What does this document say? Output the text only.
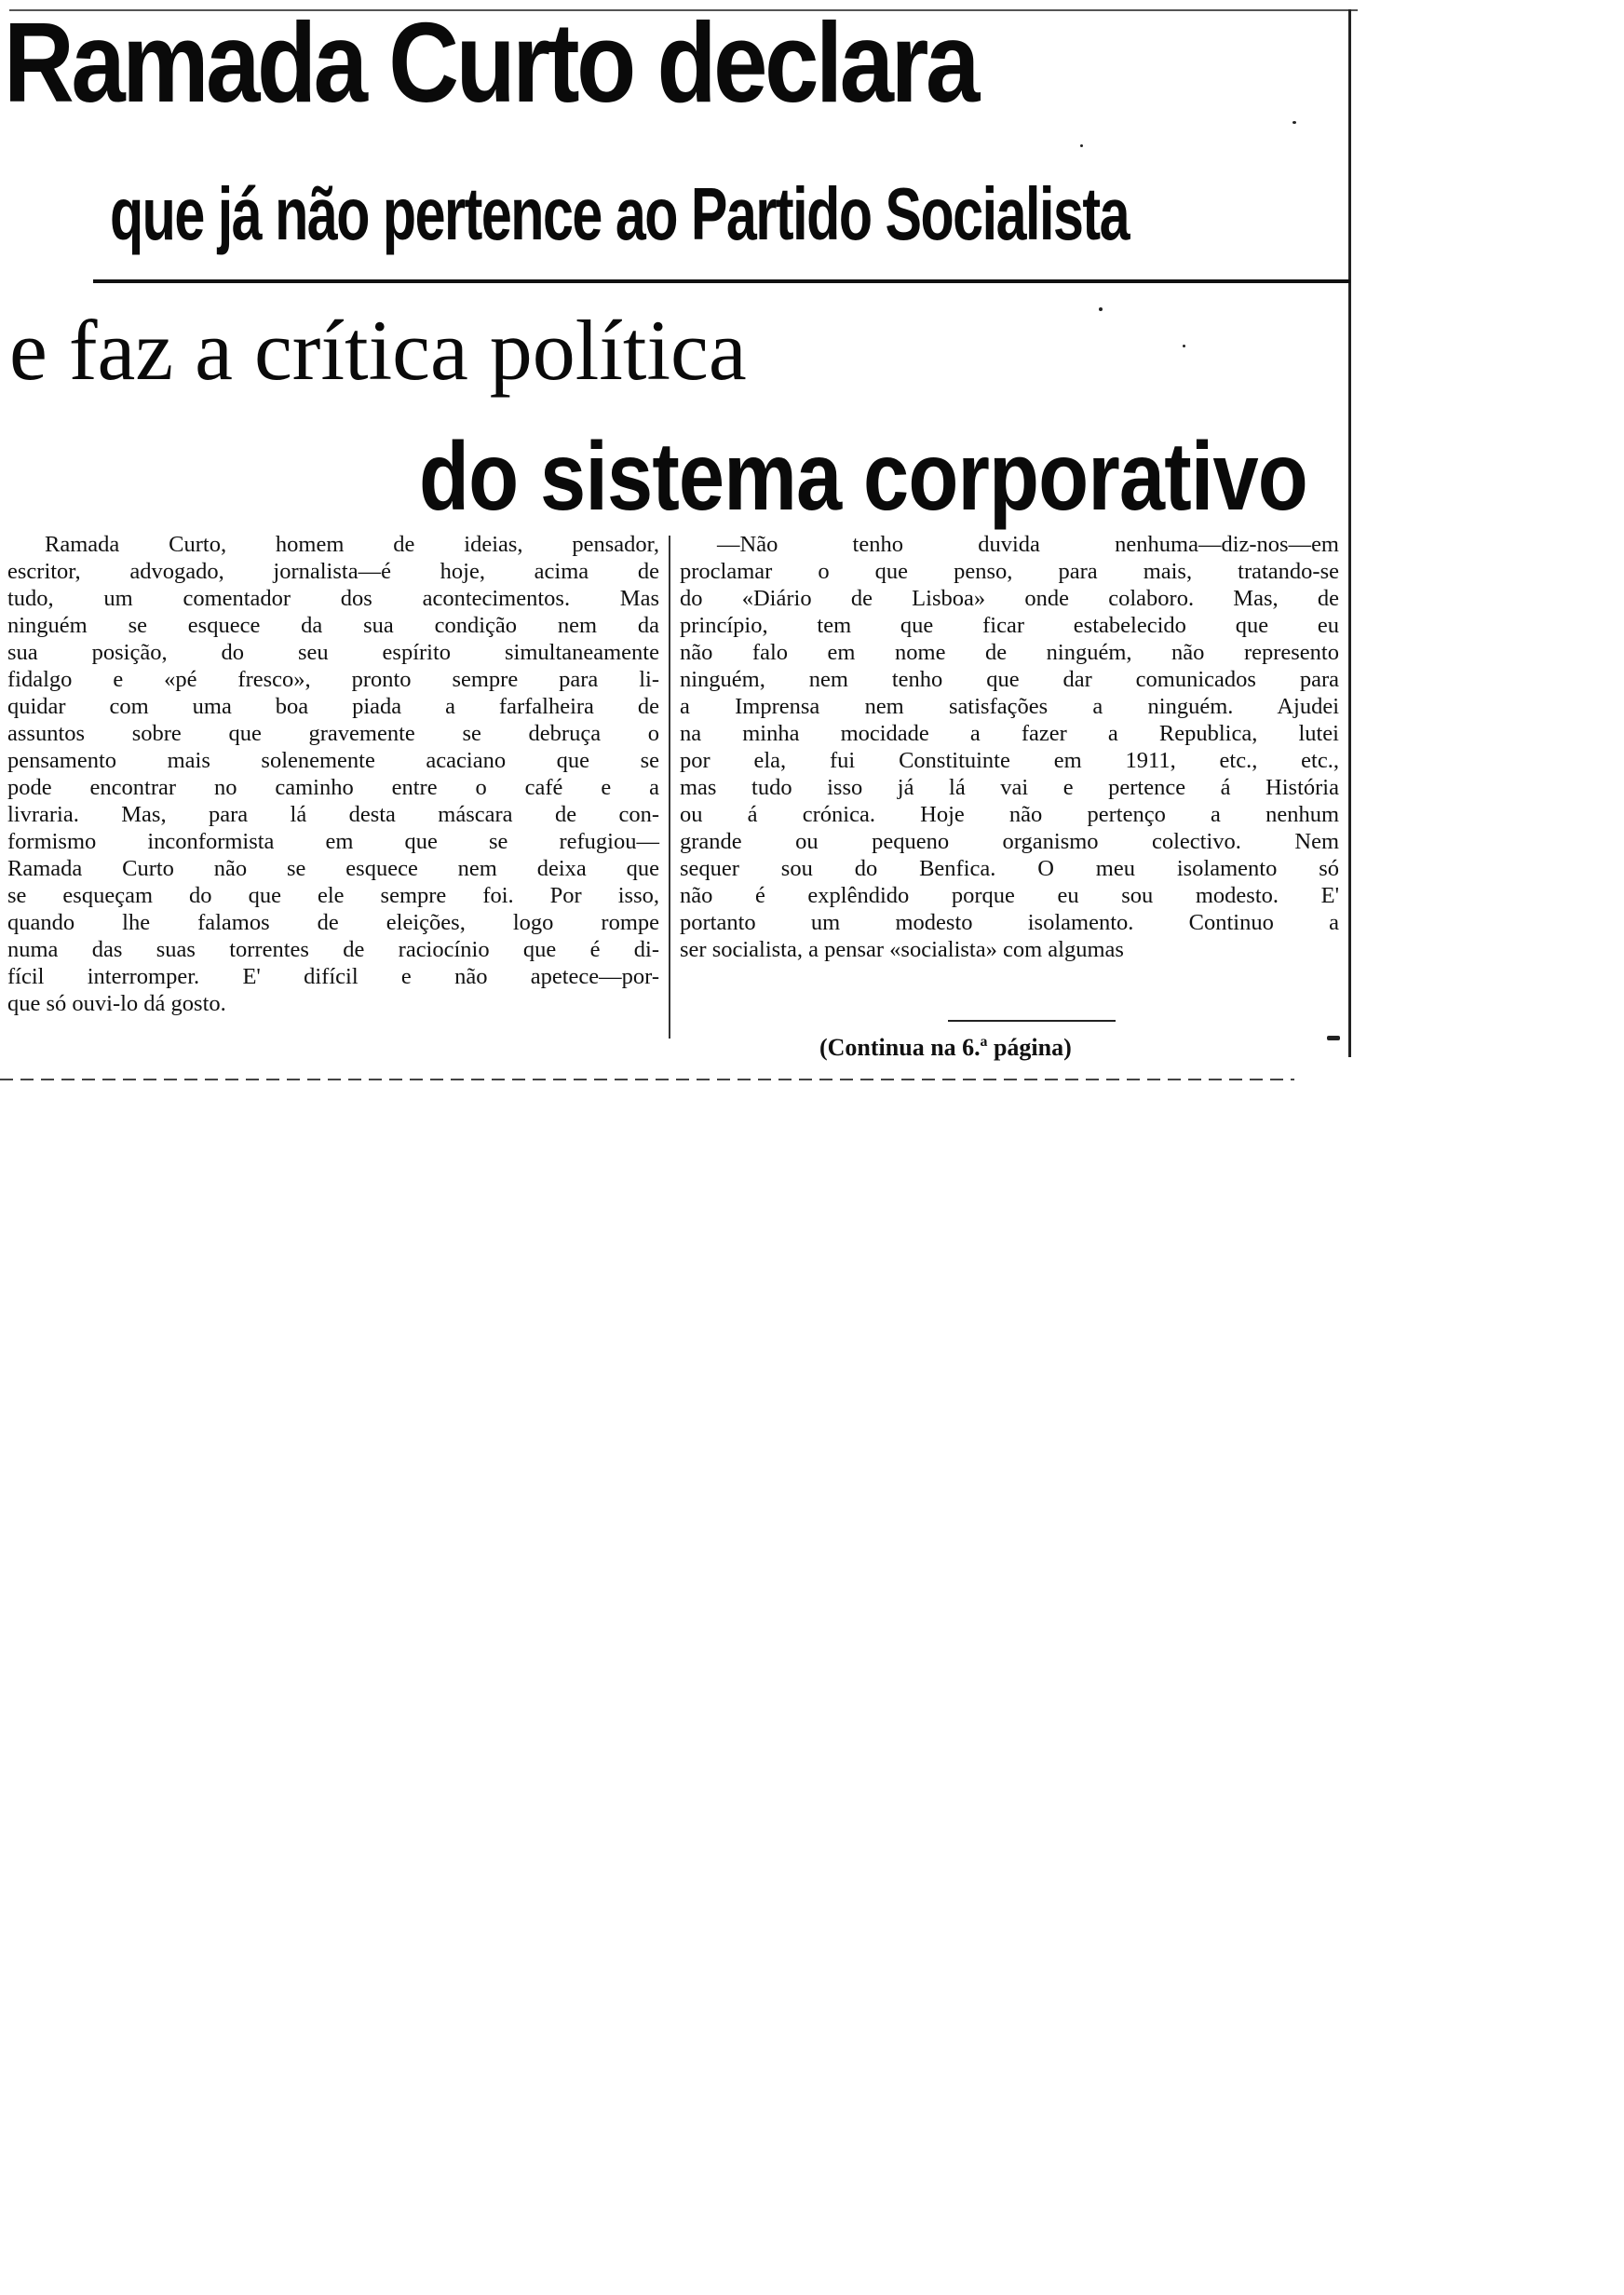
Ramada Curto declara
que já não pertence ao Partido Socialista
e faz a crítica política
do sistema corporativo
Ramada Curto, homem de ideias, pensador,
escritor, advogado, jornalista—é hoje, acima de
tudo, um comentador dos acontecimentos. Mas
ninguém se esquece da sua condição nem da
sua posição, do seu espírito simultaneamente
fidalgo e «pé fresco», pronto sempre para li-
quidar com uma boa piada a farfalheira de
assuntos sobre que gravemente se debruça o
pensamento mais solenemente acaciano que se
pode encontrar no caminho entre o café e a
livraria. Mas, para lá desta máscara de con-
formismo inconformista em que se refugiou—
Ramada Curto não se esquece nem deixa que
se esqueçam do que ele sempre foi. Por isso,
quando lhe falamos de eleições, logo rompe
numa das suas torrentes de raciocínio que é di-
fícil interromper. E' difícil e não apetece—por-
que só ouvi-lo dá gosto.
—Não tenho duvida nenhuma—diz-nos—em
proclamar o que penso, para mais, tratando-se
do «Diário de Lisboa» onde colaboro. Mas, de
princípio, tem que ficar estabelecido que eu
não falo em nome de ninguém, não represento
ninguém, nem tenho que dar comunicados para
a Imprensa nem satisfações a ninguém. Ajudei
na minha mocidade a fazer a Republica, lutei
por ela, fui Constituinte em 1911, etc., etc.,
mas tudo isso já lá vai e pertence á História
ou á crónica. Hoje não pertenço a nenhum
grande ou pequeno organismo colectivo. Nem
sequer sou do Benfica. O meu isolamento só
não é explêndido porque eu sou modesto. E'
portanto um modesto isolamento. Continuo a
ser socialista, a pensar «socialista» com algumas

(Continua na 6.ª página)
